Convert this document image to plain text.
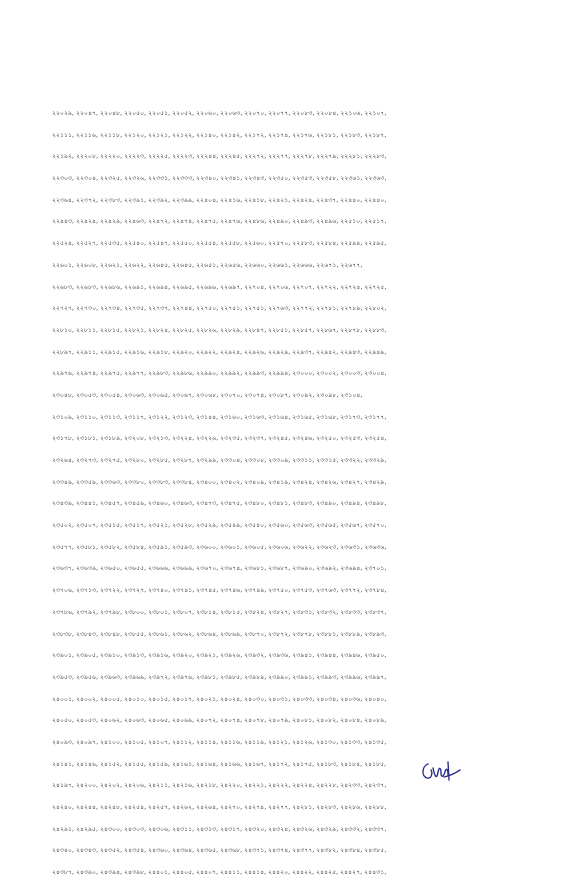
২২০২৯, ২২০৪৭, ২২০৪৮, ২২০৫০, ২২০৫১, ২২০৫২, ২২০৬০, ২২০৬৩, ২২০৭০, ২২০৭৭, ২২০৮৩, ২২০৮৪, ২২১০৬, ২২১০৭,
২২১১১, ২২১১৬, ২২১১৮, ২২১২০, ২২১২১, ২২১২২, ২২১৪০, ২২১৪২, ২২১৭২, ২২১৭৪, ২২১৭৬, ২২১৮১, ২২১৮৩, ২২১৮৭,
২২১৯২, ২২২০৮, ২২২২০, ২২২২৩, ২২২২৫, ২২২২৩, ২২২৪৪, ২২২৪৫, ২২২৭২, ২২২৭৭, ২২২৭৮, ২২২৭৯, ২২২৮১, ২২২৮৩,
২২৩০৩, ২২৩০৪, ২২৩২৫, ২২৩২৬, ২২৩৩১, ২২৩৩৩, ২২৩৪০, ২২৩৪১, ২২৩৪৩, ২২৩৫০, ২২৩৫৩, ২২৩৫৮, ২২৩৬১, ২২৩৬৩,
২২৩৬৪, ২২৩৭২, ২২৩৮৩, ২২৩৯১, ২২৩৯২, ২২৩৯৯, ২২৪০৪, ২২৪১৬, ২২৪১৮, ২২৪২১, ২২৪২৪, ২২৪৩৭, ২২৪৪০, ২২৪৪০,
২২৪৪৩, ২২৪২৪, ২২৪২৯, ২২৪৬৩, ২২৪৭২, ২২৪৭৪, ২২৪৭৫, ২২৪৭৬, ২২৪৮৬, ২২৪৯০, ২২৪৯৩, ২২৪৯৬, ২২৫১০, ২২৫১৭,
২২৫২৪, ২২৫২৭, ২২৫৩৫, ২২৫৪০, ২২৫৪৭, ২২৫৫০, ২২৫৫৪, ২২৫৫৮, ২২৫৬০, ২২৫৭০, ২২৫৮৩, ২২৫৮৪, ২২৫৯৪, ২২৫৯৫,
২২৬০১, ২২৬০৮, ২২৬২১, ২২৬২২, ২২৬৪৫, ২২৬৪৫, ২২৬৫১, ২২৬৫৬, ২২৬৬০, ২২৬৬১, ২২৬৬৬, ২২৬৭১, ২২৬৭৭,
২২৬৮৩, ২২৬৮৩, ২২৬৮৬, ২২৬৯১, ২২৬৯৪, ২২৬৯৫, ২২৬৯৬, ২২৬৯৭, ২২৭০৪, ২২৭০৬, ২২৭০৭, ২২৭২২, ২২৭২৪, ২২৭২৫,
২২৭২৭, ২২৭৩০, ২২৭৩৪, ২২৭৩৫, ২২৭৩৭, ২২৭৪৪, ২২৭৫০, ২২৭৫১, ২২৭৫১, ২২৭৬৩, ২২৭৭২, ২২৭৮১, ২২৭৮৯, ২২৮০২,
২২৮১০, ২২৮১১, ২২৮১৫, ২২৮২১, ২২৮২৪, ২২৮২৫, ২২৮২৬, ২২৮২৯, ২২৮৪৭, ২২৮৫১, ২২৮৫৭, ২২৮৬৭, ২২৮৭৮, ২২৮৮৩,
২২৮৯৭, ২২৯১১, ২২৯১৫, ২২৯১৬, ২২৯১৮, ২২৯২০, ২২৯২২, ২২৯২৪, ২২৯২৬, ২২৯২৯, ২২৯৩৭, ২২৯৪২, ২২৯৪৩, ২২৯৪৯,
২২৯৭৬, ২২৯৭৪, ২২৯৭৫, ২২৯৭৭, ২২৯৮৩, ২২৯৮৬, ২২৯৯০, ২২৯৯২, ২২৯৯৩, ২২৯৯৪, ২৩০০০, ২৩০০২, ২৩০০৩, ২৩০০৪,
২৩০৪৮, ২৩০৫৩, ২৩০৫৪, ২৩০৬৩, ২৩০৬৫, ২৩০৬৭, ২৩০৬৮, ২৩০৭০, ২৩০৭৪, ২৩০৮৭, ২৩০৯২, ২৩০৯৮, ২৩১০৪,
২৩১০৯, ২৩১১০, ২৩১১৩, ২৩১১৭, ২৩১২২, ২৩১২৩, ২৩১৪৪, ২৩১৬০, ২৩১৬৩, ২৩১৬৪, ২৩১৬৫, ২৩১৬৮, ২৩১৭৩, ২৩১৭৭,
২৩১৭৮, ২৩১৮১, ২৩১৮৯, ২৩২০৮, ২৩২১৩, ২৩২২৪, ২৩২২৬, ২৩২৩৫, ২৩২৩৭, ২৩২৪৫, ২৩২৪৬, ২৩২৫০, ২৩২৫৩, ২৩২৫৪,
২৩২৬৪, ২৩২৭৩, ২৩২৭৫, ২৩২৮০, ২৩২৮৫, ২৩২৮৭, ২৩২৯৯, ২৩৩০৪, ২৩৩০৮, ২৩৩০৯, ২৩৩১১, ২৩৩১৫, ২৩৩২২, ২৩৩২৯,
২৩৩৪৯, ২৩৩৫৯, ২৩৩৬৩, ২৩৩৮০, ২৩৩৮৩, ২৩৩৮৪, ২৩৪০০, ২৩৪০২, ২৩৪০৯, ২৩৪১৯, ২৩৪২৪, ২৩৪২৬, ২৩৪২৭, ২৩৪২৯,
২৩৪৩৯, ২৩৪৪১, ২৩৪৫৭, ২৩৪৫৯, ২৩৪৬০, ২৩৪৬৩, ২৩৪৭৩, ২৩৪৭৫, ২৩৪৮০, ২৩৪৮১, ২৩৪৮৩, ২৩৪৯০, ২৩৪৯৪, ২৩৪৯৮,
২৩৫০২, ২৩৫০৭, ২৩৫১৫, ২৩৫১৭, ২৩৫২১, ২৩৫২৮, ২৩৫২৯, ২৩৫৪৯, ২৩৫৪০, ২৩৫৬০, ২৩৫৬৩, ২৩৫৬৫, ২৩৫৬৭, ২৩৫৭০,
২৩৫৭৭, ২৩৫৮১, ২৩৫৮২, ২৩৫৮৪, ২৩৫৯১, ২৩৫৯৩, ২৩৬০০, ২৩৬০১, ২৩৬০৫, ২৩৬০৬, ২৩৬২২, ২৩৬২৩, ২৩৬৩১, ২৩৬৩৬,
২৩৬৩৭, ২৩৬৩৯, ২৩৬৫০, ২৩৬৫৫, ২৩৬৬৬, ২৩৬৬৯, ২৩৬৭০, ২৩৬৭৪, ২৩৬৮১, ২৩৬৮৭, ২৩৬৯০, ২৩৬৯২, ২৩৬৯৪, ২৩৭০১,
২৩৭০৬, ২৩৭১৩, ২৩৭২২, ২৩৭২৭, ২৩৭৪০, ২৩৭৪১, ২৩৭৪৫, ২৩৭৪৬, ২৩৭৪৯, ২৩৭৫০, ২৩৭৫৩, ২৩৭৬৩, ২৩৭৭২, ২৩৭৮৪,
২৩৭৮৬, ২৩৭৯২, ২৩৭৯৮, ২৩৮০০, ২৩৮০১, ২৩৮০৭, ২৩৮১৪, ২৩৮১৫, ২৩৮২৪, ২৩৮২৭, ২৩৮৩১, ২৩৮৩২, ২৩৮৩৩, ২৩৮৩৭,
২৩৮৩৮, ২৩৮৪৩, ২৩৮৪৮, ২৩৮৫৫, ২৩৮৬১, ২৩৮৬২, ২৩৮৬৪, ২৩৮৬৯, ২৩৮৭০, ২৩৮৭২, ২৩৮৭৮, ২৩৮৮১, ২৩৮৮৯, ২৩৮৯৩,
২৩৯০১, ২৩৯০৫, ২৩৯১০, ২৩৯১৩, ২৩৯১৬, ২৩৯২০, ২৩৯২১, ২৩৯২৬, ২৩৯৩২, ২৩৯৩৬, ২৩৯৪১, ২৩৯৪৪, ২৩৯৪৬, ২৩৯৫০,
২৩৯৫৩, ২৩৯৫৬, ২৩৯৬৩, ২৩৯৬৯, ২৩৯৭২, ২৩৯৭৬, ২৩৯৮১, ২৩৯৮৫, ২৩৯৮৯, ২৩৯৯০, ২৩৯৯১, ২৩৯৯৩, ২৩৯৯৬, ২৩৯৯৭,
২৪০০১, ২৪০০২, ২৪০০৫, ২৪০১০, ২৪০১৫, ২৪০১৭, ২৪০২১, ২৪০২৪, ২৪০৩০, ২৪০৩১, ২৪০৩৩, ২৪০৩৪, ২৪০৩৬, ২৪০৪০,
২৪০৫০, ২৪০৫৩, ২৪০৬২, ২৪০৬৩, ২৪০৬৫, ২৪০৬৯, ২৪০৭২, ২৪০৭৪, ২৪০৭৮, ২৪০৭৯, ২৪০৮১, ২৪০৮২, ২৪০৮৪, ২৪০৮৯,
২৪০৯৩, ২৪০৯৭, ২৪১০০, ২৪১০৫, ২৪১০৭, ২৪১১২, ২৪১১৪, ২৪১১৬, ২৪১১৯, ২৪১২১, ২৪১২৬, ২৪১৩০, ২৪১৩৩, ২৪১৩৫,
২৪১৪১, ২৪১৪৬, ২৪১৫২, ২৪১৫৫, ২৪১৫৯, ২৪১৬১, ২৪১৬৪, ২৪১৬৬, ২৪১৬৭, ২৪১৭২, ২৪১৭৫, ২৪১৮৩, ২৪১৮৪, ২৪১৮৫,
২৪১৯৭, ২৪২০০, ২৪২০২, ২৪২০৬, ২৪২১১, ২৪২১৬, ২৪২১৮, ২৪২২০, ২৪২২১, ২৪২২২, ২৪২২৪, ২৪২২৮, ২৪২৩৩, ২৪২৩৭,
২৪২৪০, ২৪২৪৪, ২৪২৪৮, ২৪২৫৪, ২৪২৫৭, ২৪২৬২, ২৪২৬৪, ২৪২৭০, ২৪২৭৪, ২৪২৭৭, ২৪২৮১, ২৪২৮৩, ২৪২৮৬, ২৪২৮৮,
২৪২৯১, ২৪২৯৫, ২৪৩০০, ২৪৩০৩, ২৪৩০৬, ২৪৩১১, ২৪৩১৩, ২৪৩১৭, ২৪৩২০, ২৪৩২৪, ২৪৩২৬, ২৪৩২৯, ২৪৩৩২, ২৪৩৩৭,
২৪৩৪০, ২৪৩৪৩, ২৪৩৫২, ২৪৩৫৪, ২৪৩৬০, ২৪৩৬৪, ২৪৩৬৫, ২৪৩৬৮, ২৪৩৭১, ২৪৩৭৪, ২৪৩৭৭, ২৪৩৮২, ২৪৩৮৪, ২৪৩৮৫,
২৪৩৮৭, ২৪৩৯০, ২৪৩৯৪, ২৪৩৯৮, ২৪৪০১, ২৪৪০৫, ২৪৪০৭, ২৪৪১১, ২৪৪১৪, ২৪৪২০, ২৪৪২২, ২৪৪২৫, ২৪৪২৭, ২৪৪৩১,
